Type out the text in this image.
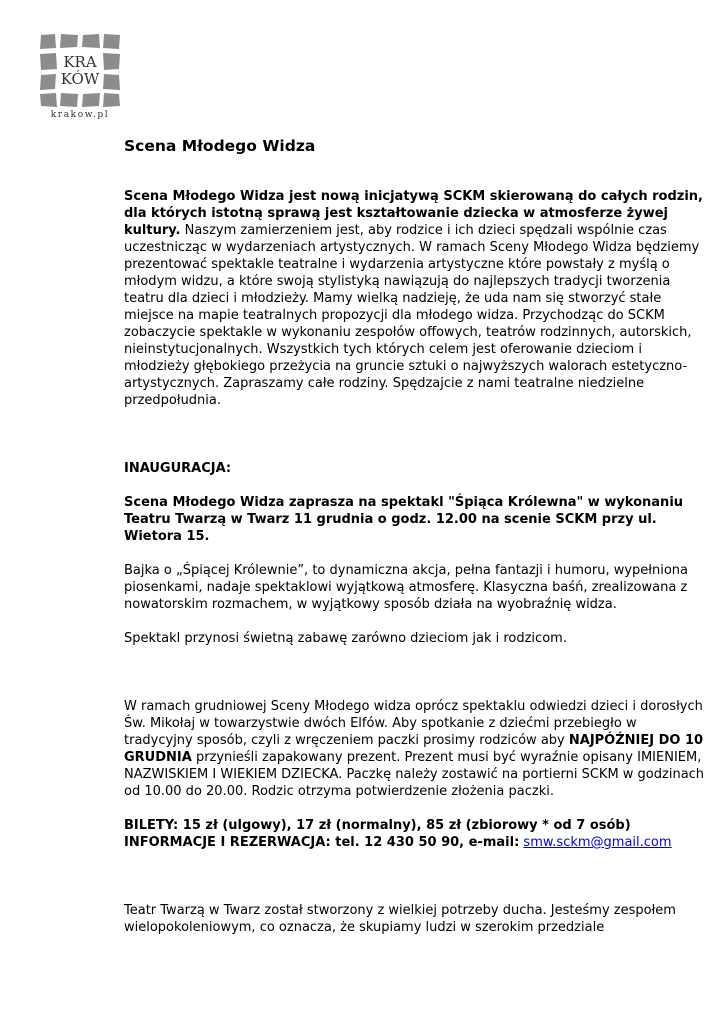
KRA
KÓW
krakow.pl
Scena Młodego Widza

Scena Młodego Widza jest nową inicjatywą SCKM skierowaną do całych rodzin, dla których istotną sprawą jest kształtowanie dziecka w atmosferze żywej kultury. Naszym zamierzeniem jest, aby rodzice i ich dzieci spędzali wspólnie czas uczestnicząc w wydarzeniach artystycznych. W ramach Sceny Młodego Widza będziemy prezentować spektakle teatralne i wydarzenia artystyczne które powstały z myślą o młodym widzu, a które swoją stylistyką nawiązują do najlepszych tradycji tworzenia teatru dla dzieci i młodzieży. Mamy wielką nadzieję, że uda nam się stworzyć stałe miejsce na mapie teatralnych propozycji dla młodego widza. Przychodząc do SCKM zobaczycie spektakle w wykonaniu zespołów offowych, teatrów rodzinnych, autorskich, nieinstytucjonalnych. Wszystkich tych których celem jest oferowanie dzieciom i młodzieży głębokiego przeżycia na gruncie sztuki o najwyższych walorach estetyczno-artystycznych. Zapraszamy całe rodziny. Spędzajcie z nami teatralne niedzielne przedpołudnia.

INAUGURACJA:

Scena Młodego Widza zaprasza na spektakl "Śpiąca Królewna" w wykonaniu Teatru Twarzą w Twarz 11 grudnia o godz. 12.00 na scenie SCKM przy ul. Wietora 15.

Bajka o „Śpiącej Królewnie”, to dynamiczna akcja, pełna fantazji i humoru, wypełniona piosenkami, nadaje spektaklowi wyjątkową atmosferę. Klasyczna baśń, zrealizowana z nowatorskim rozmachem, w wyjątkowy sposób działa na wyobraźnię widza.

Spektakl przynosi świetną zabawę zarówno dzieciom jak i rodzicom.

W ramach grudniowej Sceny Młodego widza oprócz spektaklu odwiedzi dzieci i dorosłych Św. Mikołaj w towarzystwie dwóch Elfów. Aby spotkanie z dziećmi przebiegło w tradycyjny sposób, czyli z wręczeniem paczki prosimy rodziców aby NAJPÓŹNIEJ DO 10 GRUDNIA przynieśli zapakowany prezent. Prezent musi być wyraźnie opisany IMIENIEM, NAZWISKIEM I WIEKIEM DZIECKA. Paczkę należy zostawić na portierni SCKM w godzinach od 10.00 do 20.00. Rodzic otrzyma potwierdzenie złożenia paczki.

BILETY: 15 zł (ulgowy), 17 zł (normalny), 85 zł (zbiorowy * od 7 osób)

INFORMACJE I REZERWACJA: tel. 12 430 50 90, e-mail: smw.sckm@gmail.com

Teatr Twarzą w Twarz został stworzony z wielkiej potrzeby ducha. Jesteśmy zespołem wielopokoleniowym, co oznacza, że skupiamy ludzi w szerokim przedziale
